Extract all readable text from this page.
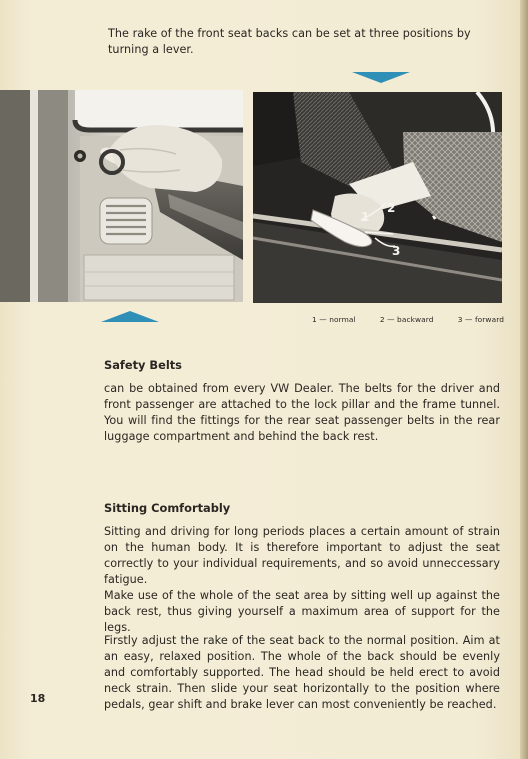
The rake of the front seat backs can be set at three positions by turning a lever.
1
2
3
1 — normal	2 — backward	3 — forward
Safety Belts
can be obtained from every VW Dealer. The belts for the driver and front passenger are attached to the lock pillar and the frame tunnel. You will find the fittings for the rear seat passenger belts in the rear luggage compartment and behind the back rest.
Sitting Comfortably
Sitting and driving for long periods places a certain amount of strain on the human body. It is therefore important to adjust the seat correctly to your individual requirements, and so avoid unneccessary fatigue.
Make use of the whole of the seat area by sitting well up against the back rest, thus giving yourself a maximum area of support for the legs.
Firstly adjust the rake of the seat back to the normal position. Aim at an easy, relaxed position. The whole of the back should be evenly and comfortably supported. The head should be held erect to avoid neck strain. Then slide your seat horizontally to the position where pedals, gear shift and brake lever can most conveniently be reached.
18
